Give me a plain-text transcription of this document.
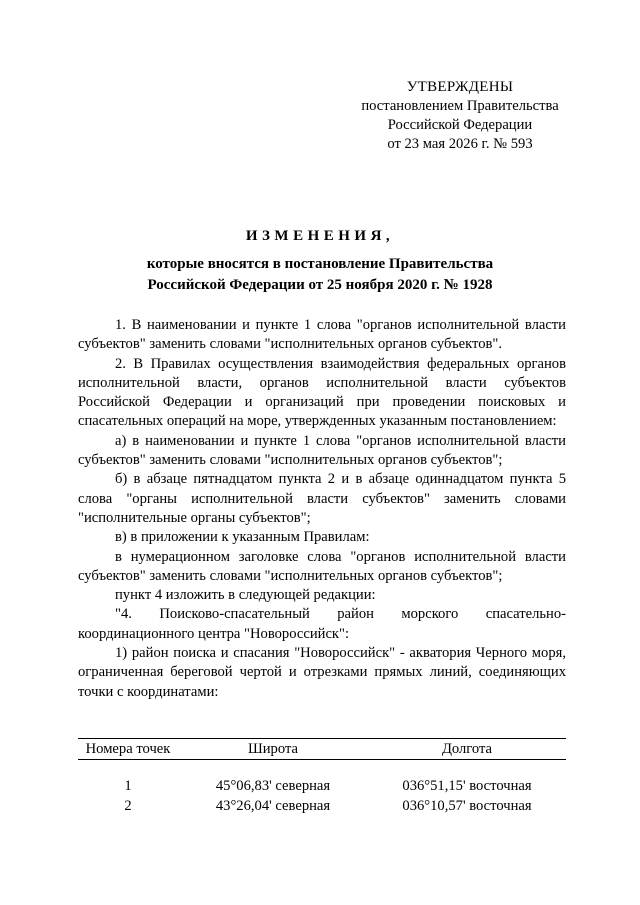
УТВЕРЖДЕНЫ
постановлением Правительства
Российской Федерации
от 23 мая 2026 г. № 593
ИЗМЕНЕНИЯ,
которые вносятся в постановление Правительства
Российской Федерации от 25 ноября 2020 г. № 1928

1. В наименовании и пункте 1 слова "органов исполнительной власти субъектов" заменить словами "исполнительных органов субъектов".

2. В Правилах осуществления взаимодействия федеральных органов исполнительной власти, органов исполнительной власти субъектов Российской Федерации и организаций при проведении поисковых и спасательных операций на море, утвержденных указанным постановлением:

а) в наименовании и пункте 1 слова "органов исполнительной власти субъектов" заменить словами "исполнительных органов субъектов";

б) в абзаце пятнадцатом пункта 2 и в абзаце одиннадцатом пункта 5 слова "органы исполнительной власти субъектов" заменить словами "исполнительные органы субъектов";

в) в приложении к указанным Правилам:

в нумерационном заголовке слова "органов исполнительной власти субъектов" заменить словами "исполнительных органов субъектов";

пункт 4 изложить в следующей редакции:

"4. Поисково-спасательный район морского спасательно-координационного центра "Новороссийск":

1) район поиска и спасания "Новороссийск" - акватория Черного моря, ограниченная береговой чертой и отрезками прямых линий, соединяющих точки с координатами:

Номера точек	Широта	Долгота
1	45°06,83' северная	036°51,15' восточная
2	43°26,04' северная	036°10,57' восточная
